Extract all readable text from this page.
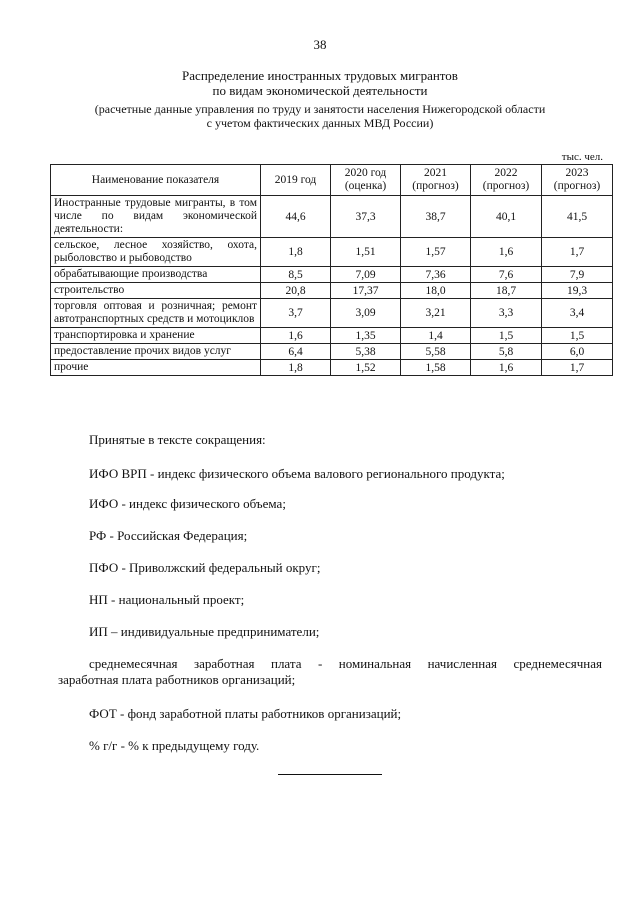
38
Распределение иностранных трудовых мигрантов
по видам экономической деятельности
(расчетные данные управления по труду и занятости населения Нижегородской области
с учетом фактических данных МВД России)
тыс. чел.
Наименование показателя	2019 год	2020 год (оценка)	2021 (прогноз)	2022 (прогноз)	2023 (прогноз)
Иностранные трудовые мигранты, в том числе по видам экономической деятельности:	44,6	37,3	38,7	40,1	41,5
сельское, лесное хозяйство, охота, рыболовство и рыбоводство	1,8	1,51	1,57	1,6	1,7
обрабатывающие производства	8,5	7,09	7,36	7,6	7,9
строительство	20,8	17,37	18,0	18,7	19,3
торговля оптовая и розничная; ремонт автотранспортных средств и мотоциклов	3,7	3,09	3,21	3,3	3,4
транспортировка и хранение	1,6	1,35	1,4	1,5	1,5
предоставление прочих видов услуг	6,4	5,38	5,58	5,8	6,0
прочие	1,8	1,52	1,58	1,6	1,7

Принятые в тексте сокращения:

ИФО ВРП - индекс физического объема валового регионального продукта;

ИФО - индекс физического объема;

РФ - Российская Федерация;

ПФО - Приволжский федеральный округ;

НП - национальный проект;

ИП – индивидуальные предприниматели;

среднемесячная заработная плата - номинальная начисленная среднемесячная

заработная плата работников организаций;

ФОТ - фонд заработной платы работников организаций;

% г/г - % к предыдущему году.
